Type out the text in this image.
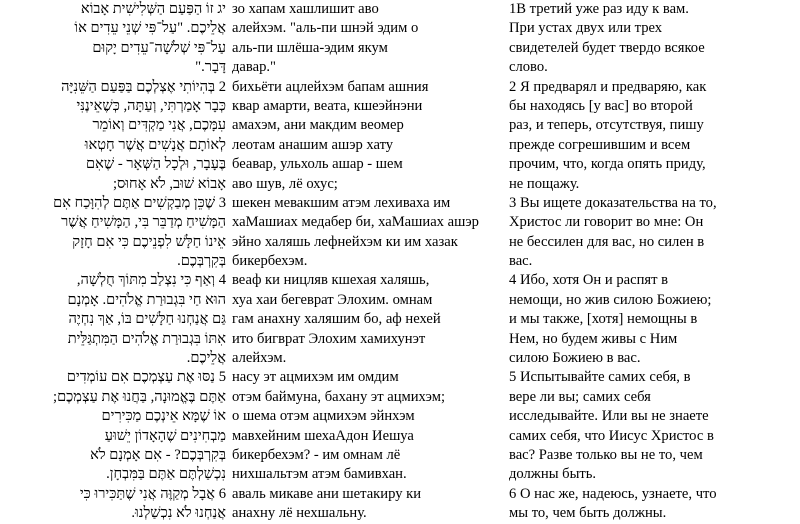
יג זוֹ הַפַּעַם הַשְּׁלִישִׁית אָבוֹא
אֲלֵיכֶם. "עַל־פִּי שְׁנֵי עֵדִים אוֹ
עַל־פִּי שְׁלֹשָׁה־עֵדִים יָקוּם
דָּבָר."
2 בְּהִיוֹתִי אֶצְלְכֶם בַּפַּעַם הַשֵּׁנִיָּה
כְּבָר אָמַרְתִּי, וְעַתָּה, כְּשֶׁאֵינֶנִּי
עִמָּכֶם, אֲנִי מַקְדִּים וְאוֹמֵר
לְאוֹתָם אֲנָשִׁים אֲשֶׁר חָטְאוּ
בֶּעָבָר, וּלְכָל הַשְּׁאָר - שֶׁאִם
אָבוֹא שׁוּב, לֹא אָחוּס;
3 שֶׁכֵּן מְבַקְשִׁים אַתֶּם לְהִוָּכַח אִם
הַמָּשִׁיחַ מְדַבֵּר בִּי, הַמָּשִׁיחַ אֲשֶׁר
אֵינוֹ חַלָּשׁ לִפְנֵיכֶם כִּי אִם חָזָק
בְּקִרְבְּכֶם.
4 וְאַף כִּי נִצְלַב מִתּוֹךְ חֻלְשָׁה,
הוּא חַי בִּגְבוּרַת אֱלֹהִים. אָמְנָם
גַּם אֲנַחְנוּ חַלָּשִׁים בּוֹ, אַךְ נִחְיֶה
אִתּוֹ בִּגְבוּרַת אֱלֹהִים הַמִּתְגַּלֵּית
אֲלֵיכֶם.
5 נַסּוּ אֶת עַצְמְכֶם אִם עוֹמְדִים
אַתֶּם בֶּאֱמוּנָה, בַּחֲנוּ אֶת עַצְמְכֶם;
אוֹ שֶׁמָּא אֵינְכֶם מַכִּירִים
מַבְחִינִים שֶׁהָאָדוֹן יֵשׁוּעַ
בְּקִרְבְּכֶם? - אִם אָמְנָם לֹא
נִכְשַׁלְתֶּם אַתֶּם בַּמִּבְחָן.
6 אֲבָל מְקַוֶּה אֲנִי שֶׁתַּכִּירוּ כִּי
אֲנַחְנוּ לֹא נִכְשַׁלְנוּ.
зо хапам хашлишит аво
алейхэм. "аль-пи шнэй эдим о
аль-пи шлёша-эдим якум
давар."
бихьёти ацлейхэм бапам ашния
квар амарти, веата, кшеэйнэни
амахэм, ани макдим веомер
леотам анашим ашэр хату
беавар, ульхоль ашар - шем
аво шув, лё охус;
шекен мевакшим атэм лехиваха им
хаМашиах медабер би, хаМашиах ашэр
эйно халяшь лефнейхэм ки им хазак
бикербехэм.
веаф ки ницляв кшехая халяшь,
хуа хаи бегеврат Элохим. омнам
гам анахну халяшим бо, аф нехей
ито бигврат Элохим хамихунэт
алейхэм.
насу эт ацмихэм им омдим
отэм баймуна, бахану эт ацмихэм;
о шема отэм ацмихэм эйнхэм
мавхейним шехаАдон Иешуа
бикербехэм? - им омнам лё
нихшальтэм атэм бамивхан.
аваль микаве ани шетакиру ки
анахну лё нехшальну.
1В третий уже раз иду к вам.
При устах двух или трех
свидетелей будет твердо всякое
слово.
2 Я предварял и предваряю, как
бы находясь [у вас] во второй
раз, и теперь, отсутствуя, пишу
прежде согрешившим и всем
прочим, что, когда опять приду,
не пощажу.
3 Вы ищете доказательства на то,
Христос ли говорит во мне: Он
не бессилен для вас, но силен в
вас.
4 Ибо, хотя Он и распят в
немощи, но жив силою Божиею;
и мы также, [хотя] немощны в
Нем, но будем живы с Ним
силою Божиею в вас.
5 Испытывайте самих себя, в
вере ли вы; самих себя
исследывайте. Или вы не знаете
самих себя, что Иисус Христос в
вас? Разве только вы не то, чем
должны быть.
6 О нас же, надеюсь, узнаете, что
мы то, чем быть должны.
